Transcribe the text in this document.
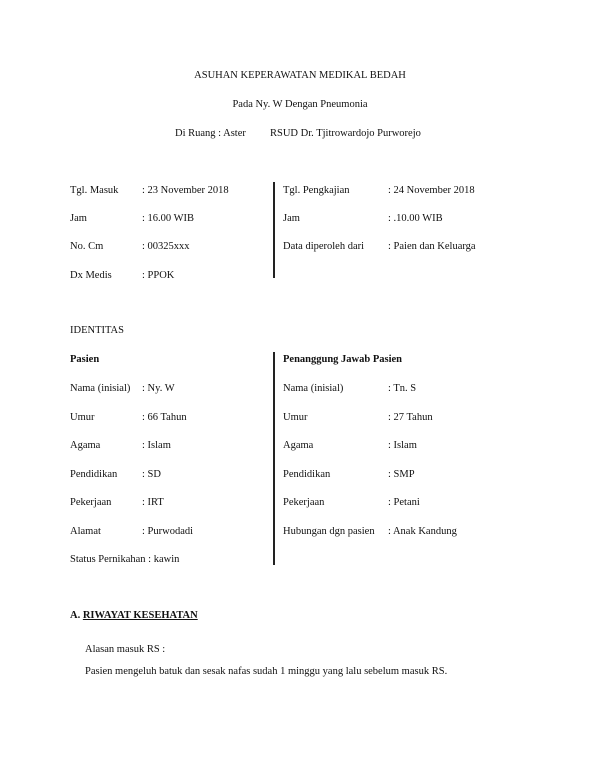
ASUHAN KEPERAWATAN MEDIKAL BEDAH
Pada Ny. W Dengan Pneumonia
Di Ruang : Aster RSUD Dr. Tjitrowardojo Purworejo
Tgl. Masuk : 23 November 2018
Jam	: 16.00 WIB
No. Cm	: 00325xxx
Dx Medis	: PPOK
Tgl. Pengkajian	: 24 November 2018
Jam	: .10.00 WIB
Data diperoleh dari : Paien dan Keluarga
IDENTITAS
Pasien	Penanggung Jawab Pasien
Nama (inisial) : Ny. W
Umur	: 66 Tahun
Agama	: Islam
Pendidikan : SD
Pekerjaan	: IRT
Alamat	: Purwodadi
Status Pernikahan : kawin
Nama (inisial)	: Tn. S
Umur	: 27 Tahun
Agama	: Islam
Pendidikan	: SMP
Pekerjaan	: Petani
Hubungan dgn pasien : Anak Kandung
A. RIWAYAT KESEHATAN
Alasan masuk RS :
Pasien mengeluh batuk dan sesak nafas sudah 1 minggu yang lalu sebelum masuk RS.
